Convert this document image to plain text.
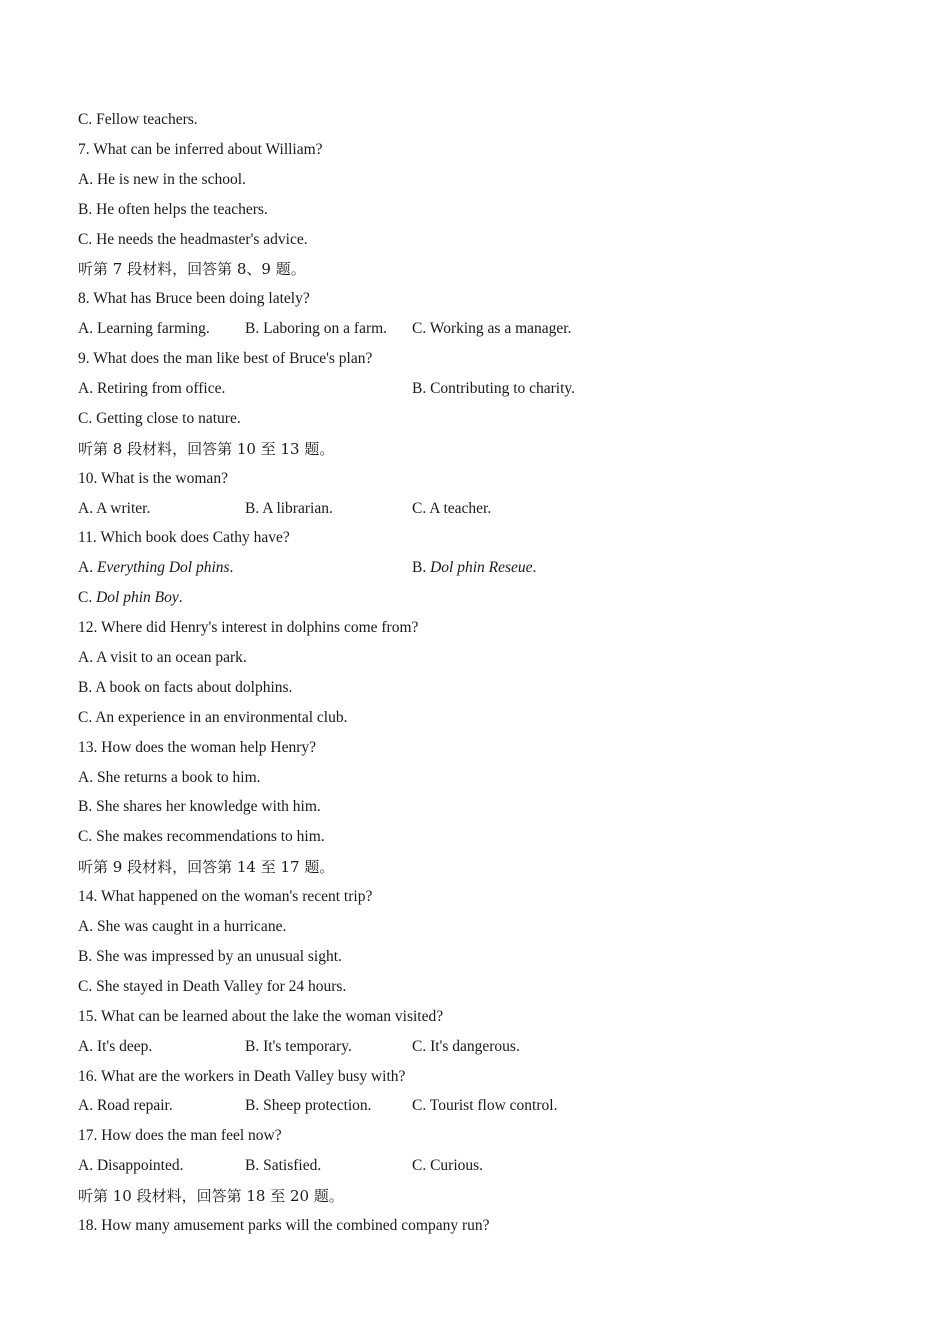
C. Fellow teachers.
7. What can be inferred about William?
A. He is new in the school.
B. He often helps the teachers.
C. He needs the headmaster's advice.
听第 7 段材料，回答第 8、9 题。
8. What has Bruce been doing lately?
A. Learning farming. B. Laboring on a farm. C. Working as a manager.
9. What does the man like best of Bruce's plan?
A. Retiring from office.	B. Contributing to charity.
C. Getting close to nature.
听第 8 段材料，回答第 10 至 13 题。
10. What is the woman?
A. A writer.	B. A librarian.	C. A teacher.
11. Which book does Cathy have?
A. Everything Dol phins.	B. Dol phin Reseue.
C. Dol phin Boy.
12. Where did Henry's interest in dolphins come from?
A. A visit to an ocean park.
B. A book on facts about dolphins.
C. An experience in an environmental club.
13. How does the woman help Henry?
A. She returns a book to him.
B. She shares her knowledge with him.
C. She makes recommendations to him.
听第 9 段材料，回答第 14 至 17 题。
14. What happened on the woman's recent trip?
A. She was caught in a hurricane.
B. She was impressed by an unusual sight.
C. She stayed in Death Valley for 24 hours.
15. What can be learned about the lake the woman visited?
A. It's deep.	B. It's temporary.	C. It's dangerous.
16. What are the workers in Death Valley busy with?
A. Road repair.	B. Sheep protection.	C. Tourist flow control.
17. How does the man feel now?
A. Disappointed.	B. Satisfied.	C. Curious.
听第 10 段材料，回答第 18 至 20 题。
18. How many amusement parks will the combined company run?
